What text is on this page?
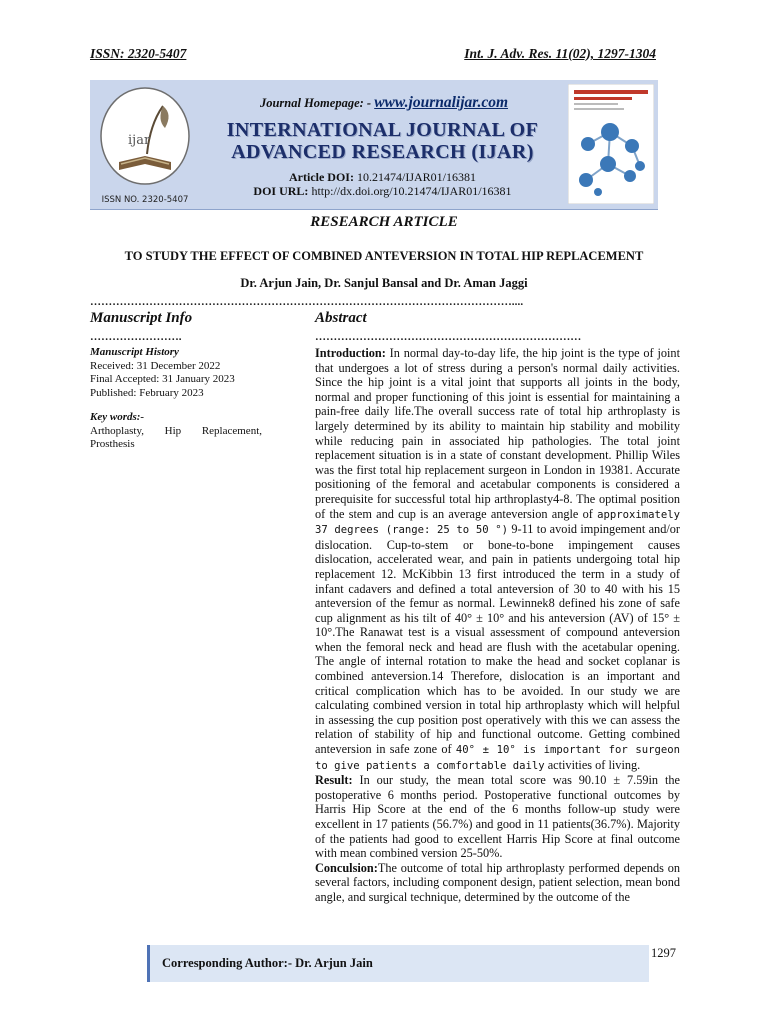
ISSN: 2320-5407	Int. J. Adv. Res. 11(02), 1297-1304
ijar
ISSN NO. 2320-5407
Journal Homepage: - www.journalijar.com
INTERNATIONAL JOURNAL OF
ADVANCED RESEARCH (IJAR)
Article DOI: 10.21474/IJAR01/16381
DOI URL: http://dx.doi.org/10.21474/IJAR01/16381
RESEARCH ARTICLE
TO STUDY THE EFFECT OF COMBINED ANTEVERSION IN TOTAL HIP REPLACEMENT
Dr. Arjun Jain, Dr. Sanjul Bansal and Dr. Aman Jaggi
……………………………………………………………………………………………………....
Manuscript Info	Abstract
…………………….	………………………………………………………………
Manuscript History
Received: 31 December 2022
Final Accepted: 31 January 2023
Published: February 2023
Key words:-
Arthoplasty, Hip Replacement,
Prosthesis

Introduction: In normal day-to-day life, the hip joint is the type of joint that undergoes a lot of stress during a person's normal daily activities. Since the hip joint is a vital joint that supports all joints in the body, normal and proper functioning of this joint is essential for maintaining a pain-free daily life.The overall success rate of total hip arthroplasty is largely determined by its ability to maintain hip stability and mobility while reducing pain in associated hip pathologies. The total joint replacement situation is in a state of constant development. Phillip Wiles was the first total hip replacement surgeon in London in 19381. Accurate positioning of the femoral and acetabular components is considered a prerequisite for successful total hip arthroplasty4-8. The optimal position of the stem and cup is an average anteversion angle of approximately 37 degrees (range: 25 to 50 °) 9-11 to avoid impingement and/or dislocation. Cup-to-stem or bone-to-bone impingement causes dislocation, accelerated wear, and pain in patients undergoing total hip replacement 12. McKibbin 13 first introduced the term in a study of infant cadavers and defined a total anteversion of 30 to 40 with his 15 anteversion of the femur as normal. Lewinnek8 defined his zone of safe cup alignment as his tilt of 40° ± 10° and his anteversion (AV) of 15° ± 10°.The Ranawat test is a visual assessment of compound anteversion when the femoral neck and head are flush with the acetabular opening. The angle of internal rotation to make the head and socket coplanar is combined anteversion.14 Therefore, dislocation is an important and critical complication which has to be avoided. In our study we are calculating combined version in total hip arthroplasty which will helpful in assessing the cup position post operatively with this we can assess the relation of stability of hip and functional outcome. Getting combined anteversion in safe zone of 40° ± 10° is important for surgeon to give patients a comfortable daily activities of living.

Result: In our study, the mean total score was 90.10 ± 7.59in the postoperative 6 months period. Postoperative functional outcomes by Harris Hip Score at the end of the 6 months follow-up study were excellent in 17 patients (56.7%) and good in 11 patients(36.7%). Majority of the patients had good to excellent Harris Hip Score at final outcome with mean combined version 25-50%.

Conculsion:The outcome of total hip arthroplasty performed depends on several factors, including component design, patient selection, mean bond angle, and surgical technique, determined by the outcome of the

Corresponding Author:- Dr. Arjun Jain
1297
